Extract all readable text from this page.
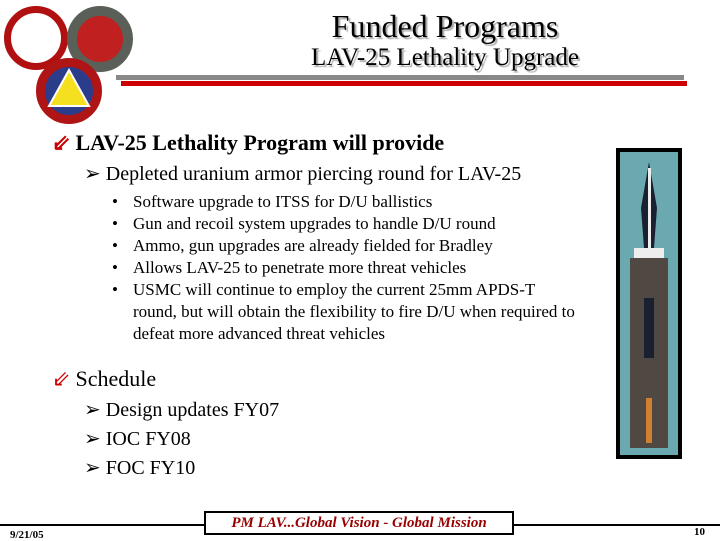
Funded Programs
LAV-25 Lethality Upgrade
⇙ LAV-25 Lethality Program will provide
➢ Depleted uranium armor piercing round for LAV-25
• Software upgrade to ITSS for D/U ballistics
• Gun and recoil system upgrades to handle D/U round
• Ammo, gun upgrades are already fielded for Bradley
• Allows LAV-25 to penetrate more threat vehicles
• USMC will continue to employ the current 25mm APDS-T round, but will obtain the flexibility to fire D/U when required to defeat more advanced threat vehicles
⇙ Schedule
➢ Design updates FY07
➢ IOC FY08
➢ FOC FY10
9/21/05
PM LAV...Global Vision - Global Mission
10
